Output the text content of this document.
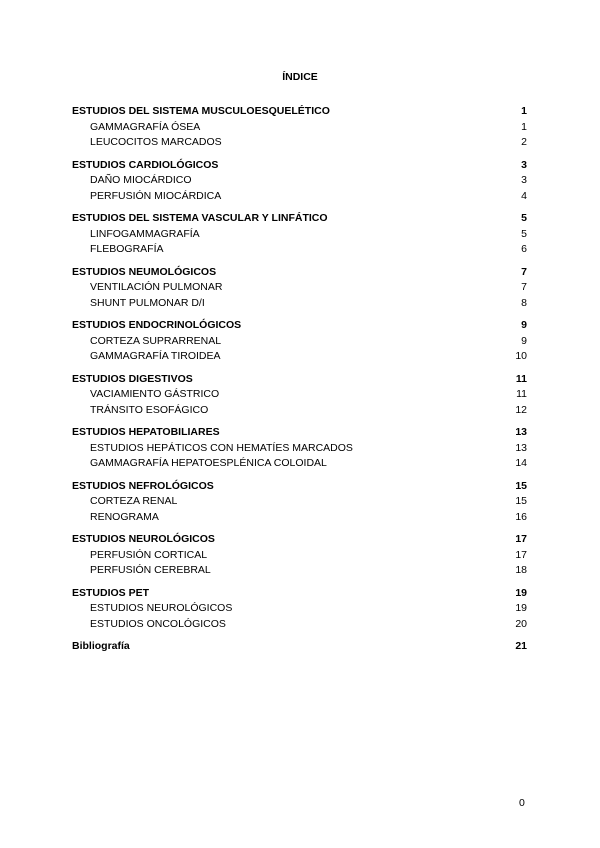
ÍNDICE
ESTUDIOS DEL SISTEMA MUSCULOESQUELÉTICO	1
GAMMAGRAFÍA ÓSEA	1
LEUCOCITOS MARCADOS	2
ESTUDIOS CARDIOLÓGICOS	3
DAÑO MIOCÁRDICO	3
PERFUSIÓN MIOCÁRDICA	4
ESTUDIOS DEL SISTEMA VASCULAR Y LINFÁTICO	5
LINFOGAMMAGRAFÍA	5
FLEBOGRAFÍA	6
ESTUDIOS NEUMOLÓGICOS	7
VENTILACIÓN PULMONAR	7
SHUNT PULMONAR D/I	8
ESTUDIOS ENDOCRINOLÓGICOS	9
CORTEZA SUPRARRENAL	9
GAMMAGRAFÍA TIROIDEA	10
ESTUDIOS DIGESTIVOS	11
VACIAMIENTO GÁSTRICO	11
TRÁNSITO ESOFÁGICO	12
ESTUDIOS HEPATOBILIARES	13
ESTUDIOS HEPÁTICOS CON HEMATÍES MARCADOS	13
GAMMAGRAFÍA HEPATOESPLÉNICA COLOIDAL	14
ESTUDIOS NEFROLÓGICOS	15
CORTEZA RENAL	15
RENOGRAMA	16
ESTUDIOS NEUROLÓGICOS	17
PERFUSIÓN CORTICAL	17
PERFUSIÓN CEREBRAL	18
ESTUDIOS PET	19
ESTUDIOS NEUROLÓGICOS	19
ESTUDIOS ONCOLÓGICOS	20
Bibliografía	21
0
